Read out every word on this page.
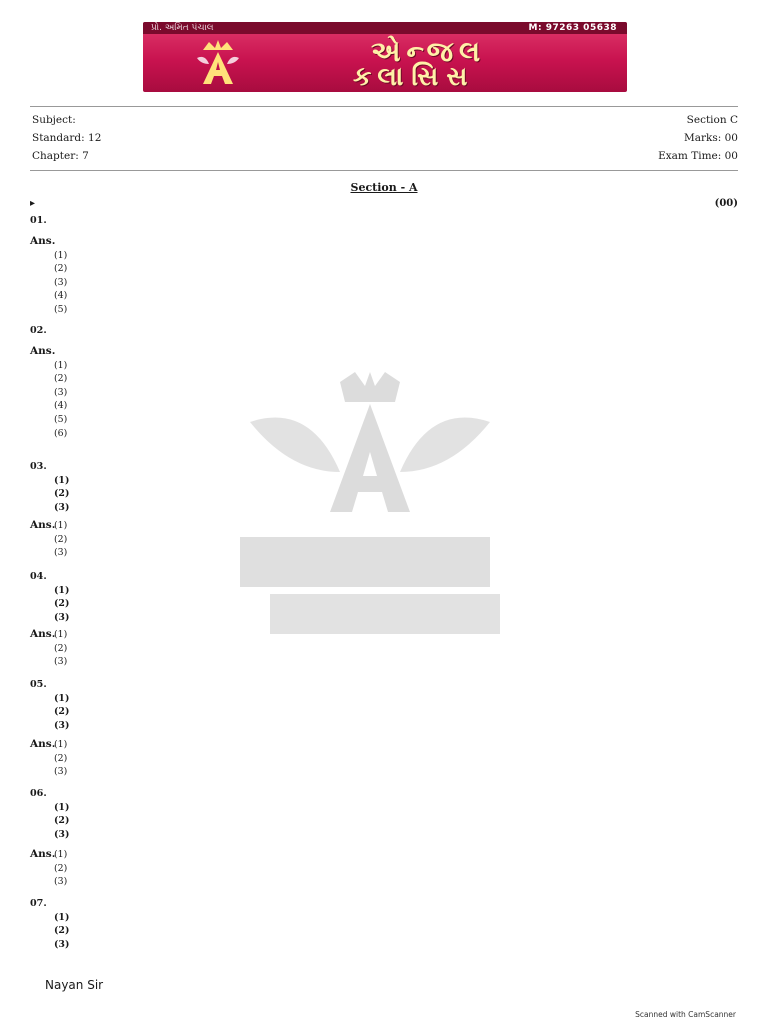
પ્રો. અમિત પંચાલ	M: 97263 05638
એન્જલ
ક્લાસિસ
Subject:
Standard: 12
Chapter: 7
Section C
Marks: 00
Exam Time: 00
Section - A
▸	(00)
01.
Ans.
(1)
(2)
(3)
(4)
(5)
02.
Ans.
(1)
(2)
(3)
(4)
(5)
(6)
03.
(1)
(2)
(3)
Ans.(1)
(2)
(3)
04.
(1)
(2)
(3)
Ans.(1)
(2)
(3)
05.
(1)
(2)
(3)
Ans.(1)
(2)
(3)
06.
(1)
(2)
(3)
Ans.(1)
(2)
(3)
07.
(1)
(2)
(3)
Nayan Sir
Scanned with CamScanner
